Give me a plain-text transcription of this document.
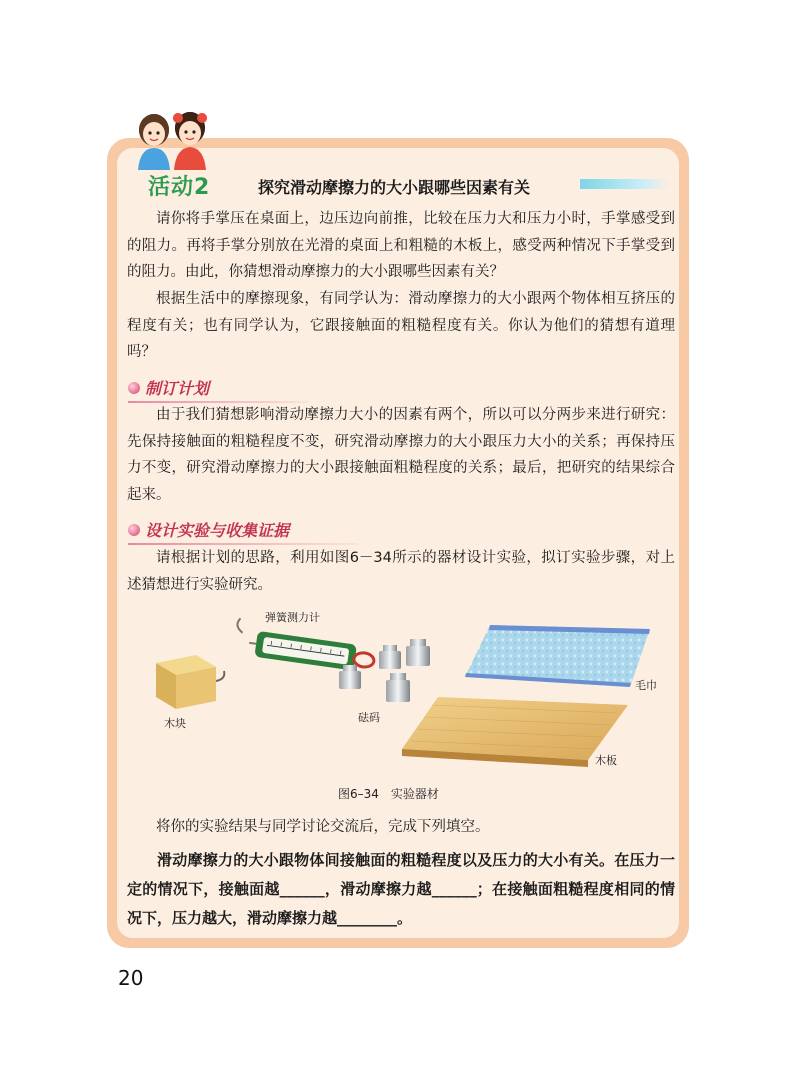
活动2	探究滑动摩擦力的大小跟哪些因素有关

请你将手掌压在桌面上，边压边向前推，比较在压力大和压力小时，手掌感受到的阻力。再将手掌分别放在光滑的桌面上和粗糙的木板上，感受两种情况下手掌受到的阻力。由此，你猜想滑动摩擦力的大小跟哪些因素有关？

根据生活中的摩擦现象，有同学认为：滑动摩擦力的大小跟两个物体相互挤压的程度有关；也有同学认为，它跟接触面的粗糙程度有关。你认为他们的猜想有道理吗？

制订计划

由于我们猜想影响滑动摩擦力大小的因素有两个，所以可以分两步来进行研究：先保持接触面的粗糙程度不变，研究滑动摩擦力的大小跟压力大小的关系；再保持压力不变，研究滑动摩擦力的大小跟接触面粗糙程度的关系；最后，把研究的结果综合起来。

设计实验与收集证据

请根据计划的思路，利用如图6－34所示的器材设计实验，拟订实验步骤，对上述猜想进行实验研究。

弹簧测力计
毛巾
木块	砝码
木板
图6–34　实验器材

将你的实验结果与同学讨论交流后，完成下列填空。

滑动摩擦力的大小跟物体间接触面的粗糙程度以及压力的大小有关。在压力一定的情况下，接触面越______，滑动摩擦力越______；在接触面粗糙程度相同的情况下，压力越大，滑动摩擦力越________。

20
